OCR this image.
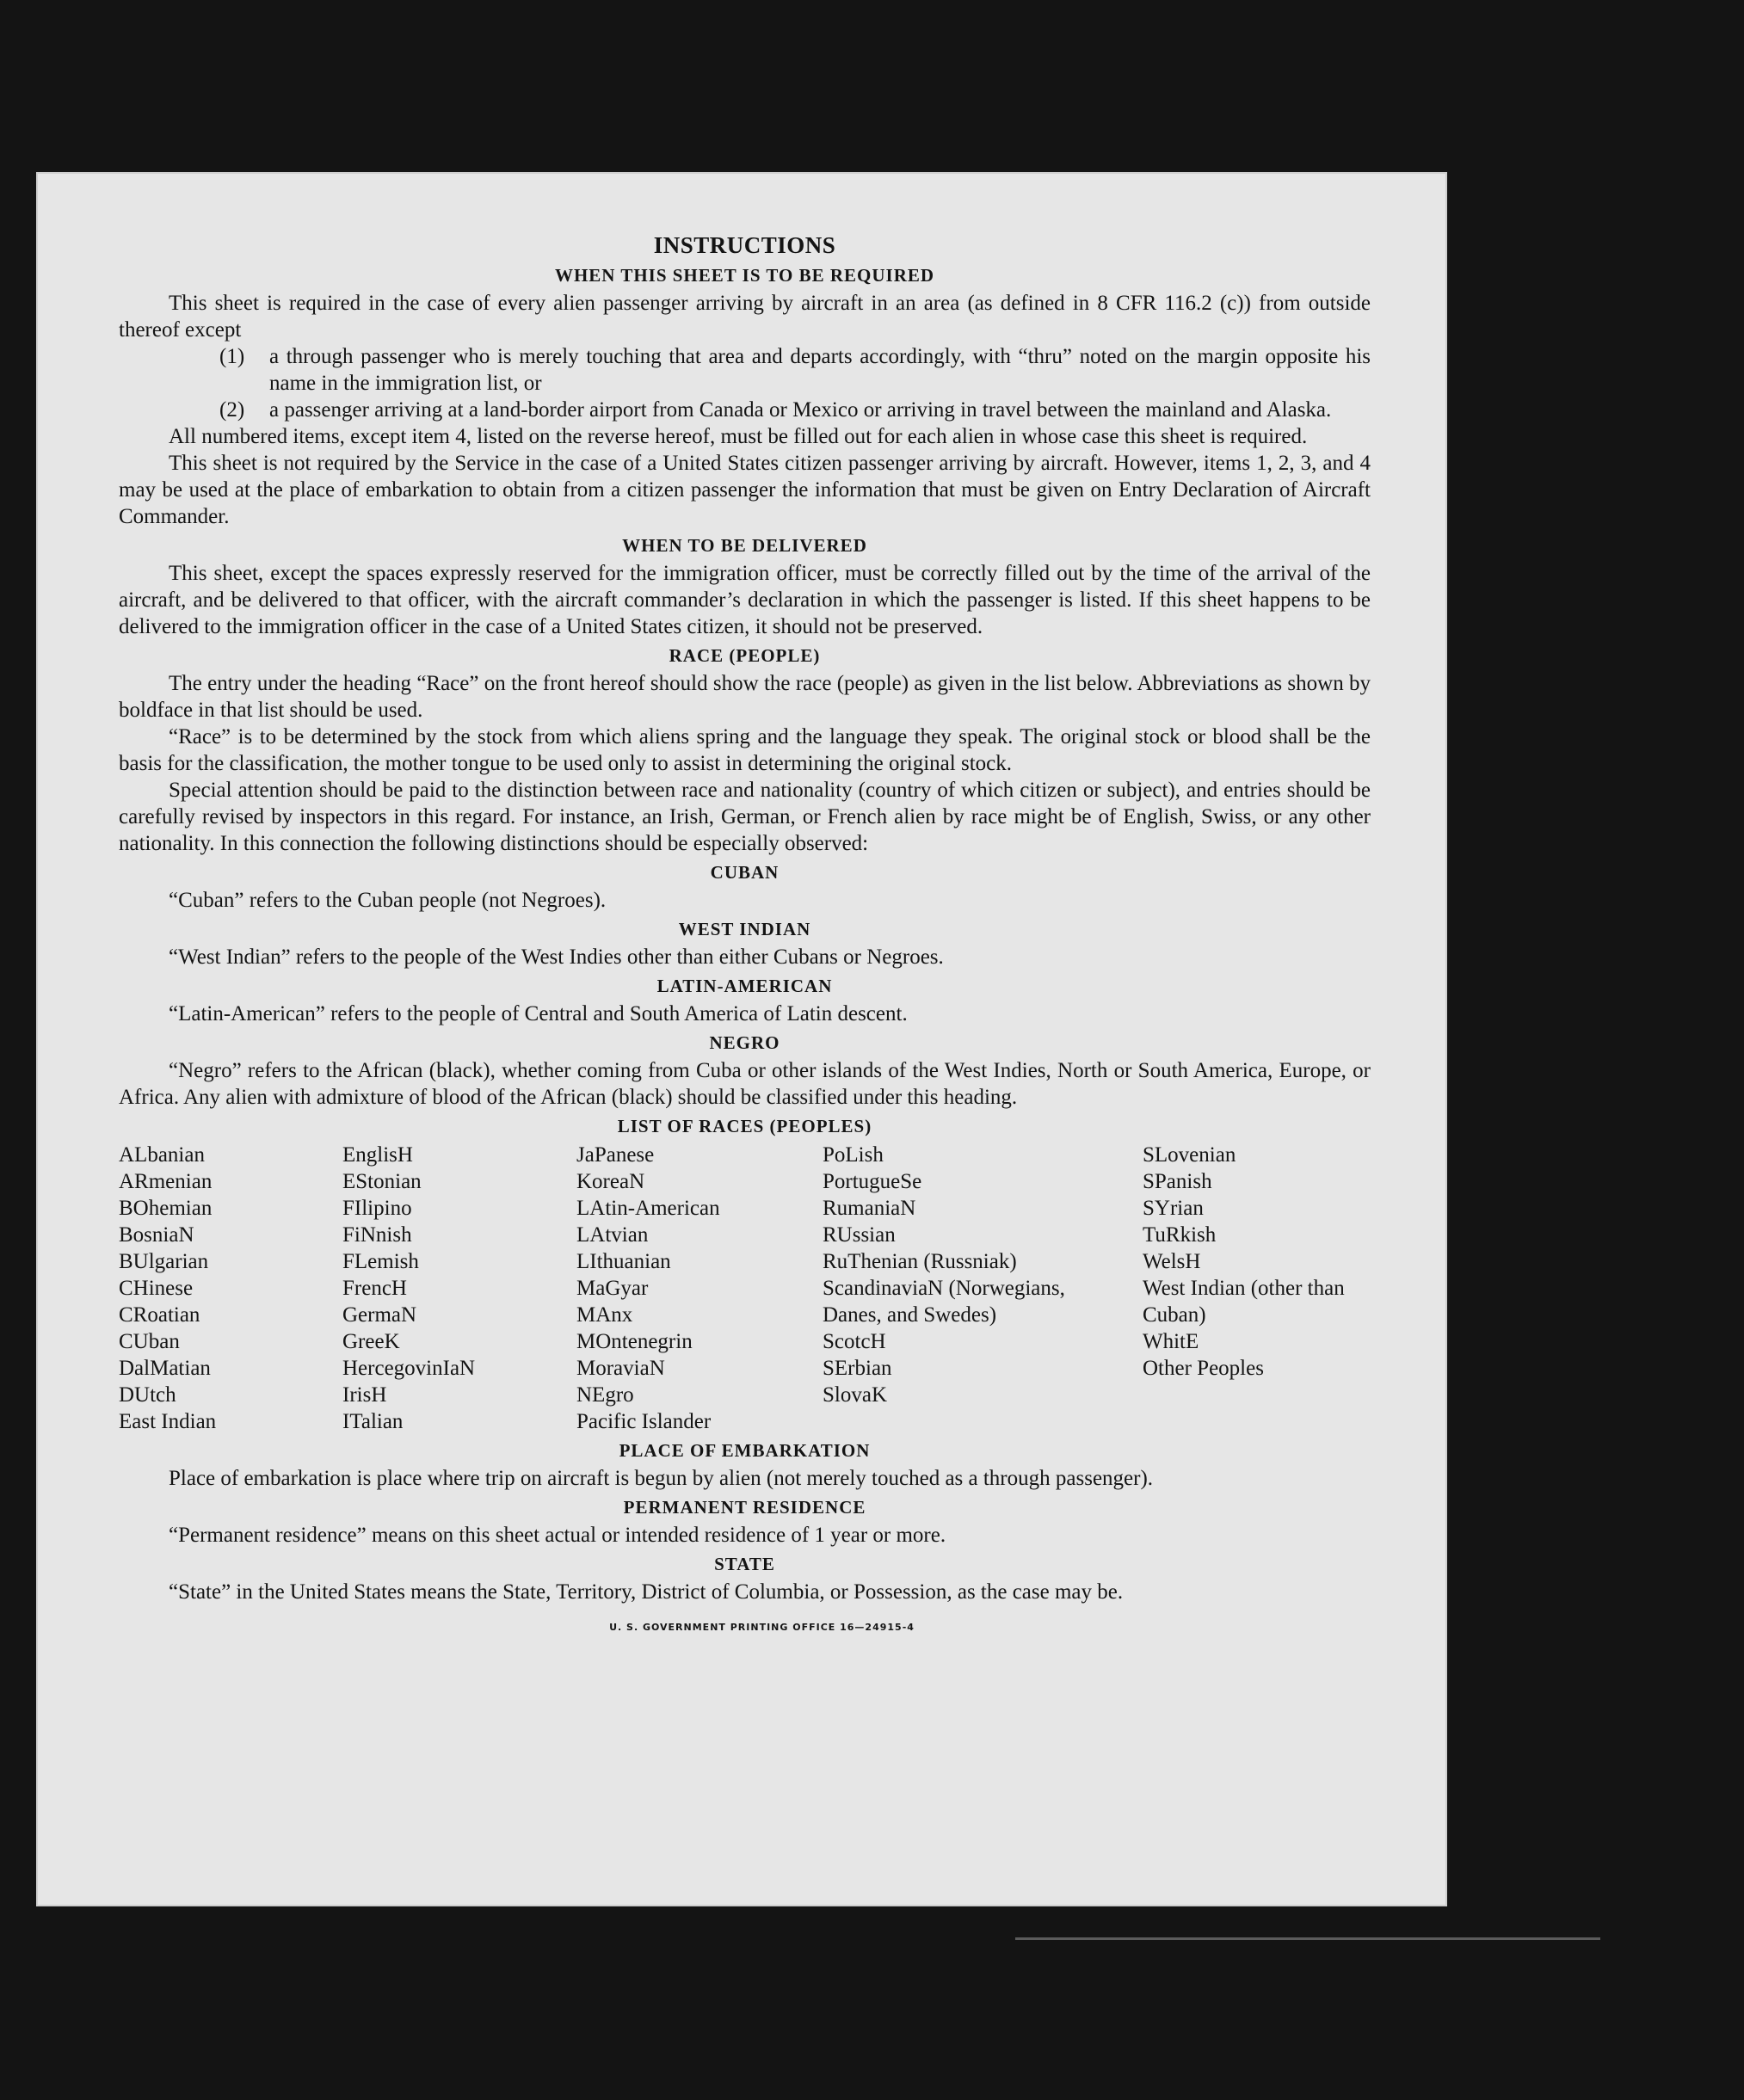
INSTRUCTIONS
WHEN THIS SHEET IS TO BE REQUIRED

This sheet is required in the case of every alien passenger arriving by aircraft in an area (as defined in 8 CFR 116.2 (c)) from outside thereof except

(1)	a through passenger who is merely touching that area and departs accordingly, with “thru” noted on the margin opposite his name in the immigration list, or
(2)	a passenger arriving at a land-border airport from Canada or Mexico or arriving in travel between the mainland and Alaska.

All numbered items, except item 4, listed on the reverse hereof, must be filled out for each alien in whose case this sheet is required.

This sheet is not required by the Service in the case of a United States citizen passenger arriving by aircraft. However, items 1, 2, 3, and 4 may be used at the place of embarkation to obtain from a citizen passenger the information that must be given on Entry Declaration of Aircraft Commander.

WHEN TO BE DELIVERED

This sheet, except the spaces expressly reserved for the immigration officer, must be correctly filled out by the time of the arrival of the aircraft, and be delivered to that officer, with the aircraft commander’s declaration in which the passenger is listed. If this sheet happens to be delivered to the immigration officer in the case of a United States citizen, it should not be preserved.

RACE (PEOPLE)

The entry under the heading “Race” on the front hereof should show the race (people) as given in the list below. Abbreviations as shown by boldface in that list should be used.

“Race” is to be determined by the stock from which aliens spring and the language they speak. The original stock or blood shall be the basis for the classification, the mother tongue to be used only to assist in determining the original stock.

Special attention should be paid to the distinction between race and nationality (country of which citizen or subject), and entries should be carefully revised by inspectors in this regard. For instance, an Irish, German, or French alien by race might be of English, Swiss, or any other nationality. In this connection the following distinctions should be especially observed:

CUBAN

“Cuban” refers to the Cuban people (not Negroes).

WEST INDIAN

“West Indian” refers to the people of the West Indies other than either Cubans or Negroes.

LATIN-AMERICAN

“Latin-American” refers to the people of Central and South America of Latin descent.

NEGRO

“Negro” refers to the African (black), whether coming from Cuba or other islands of the West Indies, North or South America, Europe, or Africa. Any alien with admixture of blood of the African (black) should be classified under this heading.

LIST OF RACES (PEOPLES)
ALbanian
ARmenian
BOhemian
BosniaN
BUlgarian
CHinese
CRoatian
CUban
DalMatian
DUtch
East Indian
EnglisH
EStonian
FIlipino
FiNnish
FLemish
FrencH
GermaN
GreeK
HercegovinIaN
IrisH
ITalian
JaPanese
KoreaN
LAtin-American
LAtvian
LIthuanian
MaGyar
MAnx
MOntenegrin
MoraviaN
NEgro
Pacific Islander
PoLish
PortugueSe
RumaniaN
RUssian
RuThenian (Russniak)
ScandinaviaN (Norwegians, Danes, and Swedes)
ScotcH
SErbian
SlovaK
SLovenian
SPanish
SYrian
TuRkish
WelsH
West Indian (other than Cuban)
WhitE
Other Peoples
PLACE OF EMBARKATION

Place of embarkation is place where trip on aircraft is begun by alien (not merely touched as a through passenger).

PERMANENT RESIDENCE

“Permanent residence” means on this sheet actual or intended residence of 1 year or more.

STATE

“State” in the United States means the State, Territory, District of Columbia, or Possession, as the case may be.

U. S. GOVERNMENT PRINTING OFFICE 16—24915-4
